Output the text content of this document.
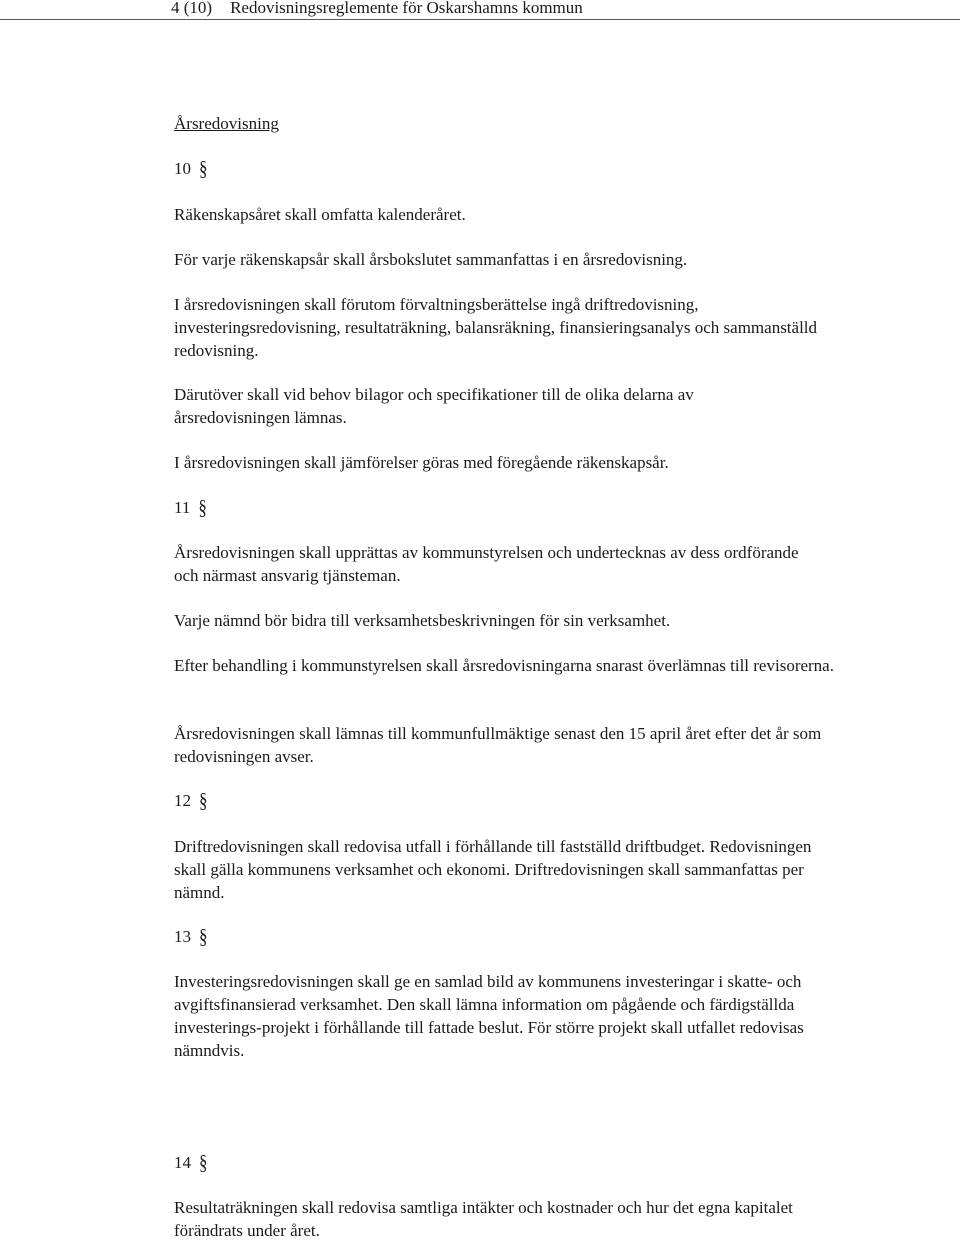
4 (10) Redovisningsreglemente för Oskarshamns kommun
Årsredovisning
10 §

Räkenskapsåret skall omfatta kalenderåret.

För varje räkenskapsår skall årsbokslutet sammanfattas i en årsredovisning.

I årsredovisningen skall förutom förvaltningsberättelse ingå driftredovisning, investeringsredovisning, resultaträkning, balansräkning, finansieringsanalys och sammanställd redovisning.

Därutöver skall vid behov bilagor och specifikationer till de olika delarna av årsredovisningen lämnas.

I årsredovisningen skall jämförelser göras med föregående räkenskapsår.

11 §

Årsredovisningen skall upprättas av kommunstyrelsen och undertecknas av dess ordförande och närmast ansvarig tjänsteman.

Varje nämnd bör bidra till verksamhetsbeskrivningen för sin verksamhet.

Efter behandling i kommunstyrelsen skall årsredovisningarna snarast överlämnas till revisorerna.

Årsredovisningen skall lämnas till kommunfullmäktige senast den 15 april året efter det år som redovisningen avser.

12 §

Driftredovisningen skall redovisa utfall i förhållande till fastställd driftbudget. Redovisningen skall gälla kommunens verksamhet och ekonomi. Driftredovisningen skall sammanfattas per nämnd.

13 §

Investeringsredovisningen skall ge en samlad bild av kommunens investeringar i skatte- och avgiftsfinansierad verksamhet. Den skall lämna information om pågående och färdigställda investerings-projekt i förhållande till fattade beslut. För större projekt skall utfallet redovisas nämndvis.

14 §

Resultaträkningen skall redovisa samtliga intäkter och kostnader och hur det egna kapitalet förändrats under året.
